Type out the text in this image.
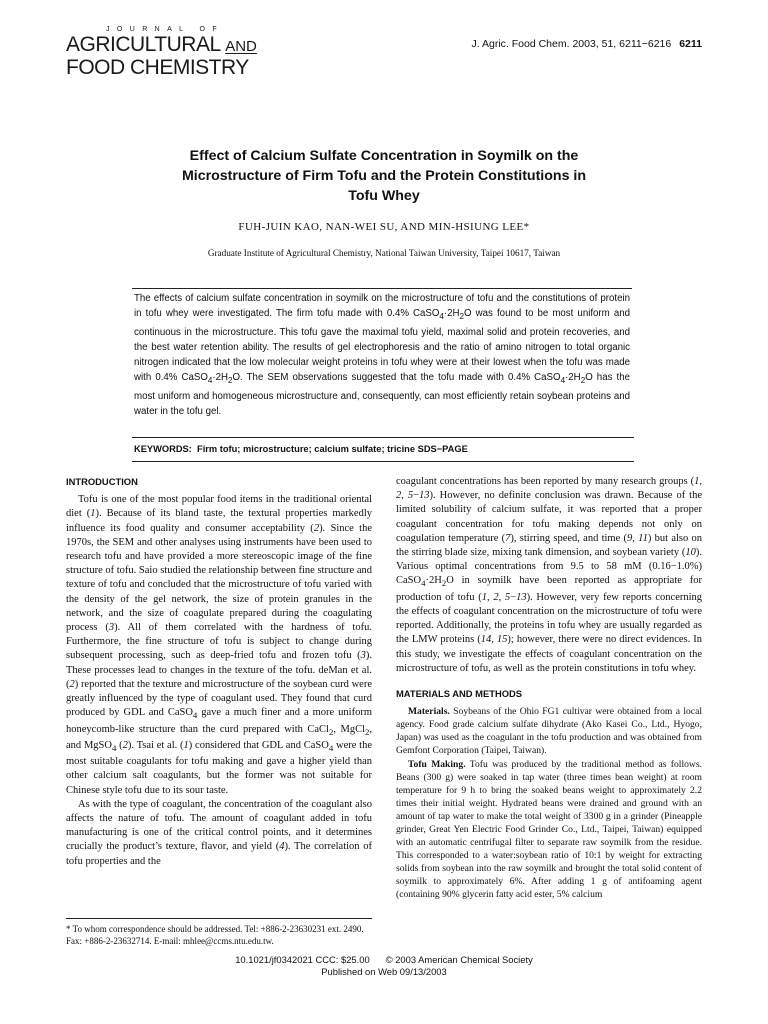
JOURNAL OF
AGRICULTURAL AND
FOOD CHEMISTRY
J. Agric. Food Chem. 2003, 51, 6211−6216 6211
Effect of Calcium Sulfate Concentration in Soymilk on the
Microstructure of Firm Tofu and the Protein Constitutions in
Tofu Whey
FUH-JUIN KAO, NAN-WEI SU, AND MIN-HSIUNG LEE*
Graduate Institute of Agricultural Chemistry, National Taiwan University, Taipei 10617, Taiwan
The effects of calcium sulfate concentration in soymilk on the microstructure of tofu and the constitutions of protein in tofu whey were investigated. The firm tofu made with 0.4% $CaSO_4\cdot 2H_2O$ was found to be most uniform and continuous in the microstructure. This tofu gave the maximal tofu yield, maximal solid and protein recoveries, and the best water retention ability. The results of gel electrophoresis and the ratio of amino nitrogen to total organic nitrogen indicated that the low molecular weight proteins in tofu whey were at their lowest when the tofu was made with 0.4% $CaSO_4\cdot 2H_2O$. The SEM observations suggested that the tofu made with 0.4% $CaSO_4\cdot 2H_2O$ has the most uniform and homogeneous microstructure and, consequently, can most efficiently retain soybean proteins and water in the tofu gel.
KEYWORDS: Firm tofu; microstructure; calcium sulfate; tricine SDS−PAGE
INTRODUCTION

Tofu is one of the most popular food items in the traditional oriental diet (1). Because of its bland taste, the textural properties markedly influence its food quality and consumer acceptability (2). Since the 1970s, the SEM and other analyses using instruments have been used to research tofu and have provided a more stereoscopic image of the fine structure of tofu. Saio studied the relationship between fine structure and texture of tofu and concluded that the microstructure of tofu varied with the density of the gel network, the size of protein granules in the network, and the size of coagulate prepared during the coagulating process (3). All of them correlated with the hardness of tofu. Furthermore, the fine structure of tofu is subject to change during subsequent processing, such as deep-fried tofu and frozen tofu (3). These processes lead to changes in the texture of the tofu. deMan et al. (2) reported that the texture and microstructure of the soybean curd were greatly influenced by the type of coagulant used. They found that curd produced by GDL and CaSO$_4$ gave a much finer and a more uniform honeycomb-like structure than the curd prepared with CaCl$_2$, MgCl$_2$, and MgSO$_4$ (2). Tsai et al. (1) considered that GDL and CaSO$_4$ were the most suitable coagulants for tofu making and gave a higher yield than other calcium salt coagulants, but the former was not suitable for Chinese style tofu due to its sour taste.

As with the type of coagulant, the concentration of the coagulant also affects the nature of tofu. The amount of coagulant added in tofu manufacturing is one of the critical control points, and it determines crucially the product’s texture, flavor, and yield (4). The correlation of tofu properties and the

coagulant concentrations has been reported by many research groups (1, 2, 5−13). However, no definite conclusion was drawn. Because of the limited solubility of calcium sulfate, it was reported that a proper coagulant concentration for tofu making depends not only on coagulation temperature (7), stirring speed, and time (9, 11) but also on the stirring blade size, mixing tank dimension, and soybean variety (10). Various optimal concentrations from 9.5 to 58 mM (0.16−1.0%) $CaSO_4\cdot 2H_2O$ in soymilk have been reported as appropriate for production of tofu (1, 2, 5−13). However, very few reports concerning the effects of coagulant concentration on the microstructure of tofu were reported. Additionally, the proteins in tofu whey are usually regarded as the LMW proteins (14, 15); however, there were no direct evidences. In this study, we investigate the effects of coagulant concentration on the microstructure of tofu, as well as the protein constitutions in tofu whey.

MATERIALS AND METHODS

Materials. Soybeans of the Ohio FG1 cultivar were obtained from a local agency. Food grade calcium sulfate dihydrate (Ako Kasei Co., Ltd., Hyogo, Japan) was used as the coagulant in the tofu production and was obtained from Gemfont Corporation (Taipei, Taiwan).

Tofu Making. Tofu was produced by the traditional method as follows. Beans (300 g) were soaked in tap water (three times bean weight) at room temperature for 9 h to bring the soaked beans weight to approximately 2.2 times their initial weight. Hydrated beans were drained and ground with an amount of tap water to make the total weight of 3300 g in a grinder (Pineapple grinder, Great Yen Electric Food Grinder Co., Ltd., Taipei, Taiwan) equipped with an automatic centrifugal filter to separate raw soymilk from the residue. This corresponded to a water:soybean ratio of 10:1 by weight for extracting solids from soybean into the raw soymilk and brought the total solid content of soymilk to approximately 6%. After adding 1 g of antifoaming agent (containing 90% glycerin fatty acid ester, 5% calcium

* To whom correspondence should be addressed. Tel: +886-2-23630231 ext. 2490. Fax: +886-2-23632714. E-mail: mhlee@ccms.ntu.edu.tw.
10.1021/jf0342021 CCC: $25.00 © 2003 American Chemical Society
Published on Web 09/13/2003
